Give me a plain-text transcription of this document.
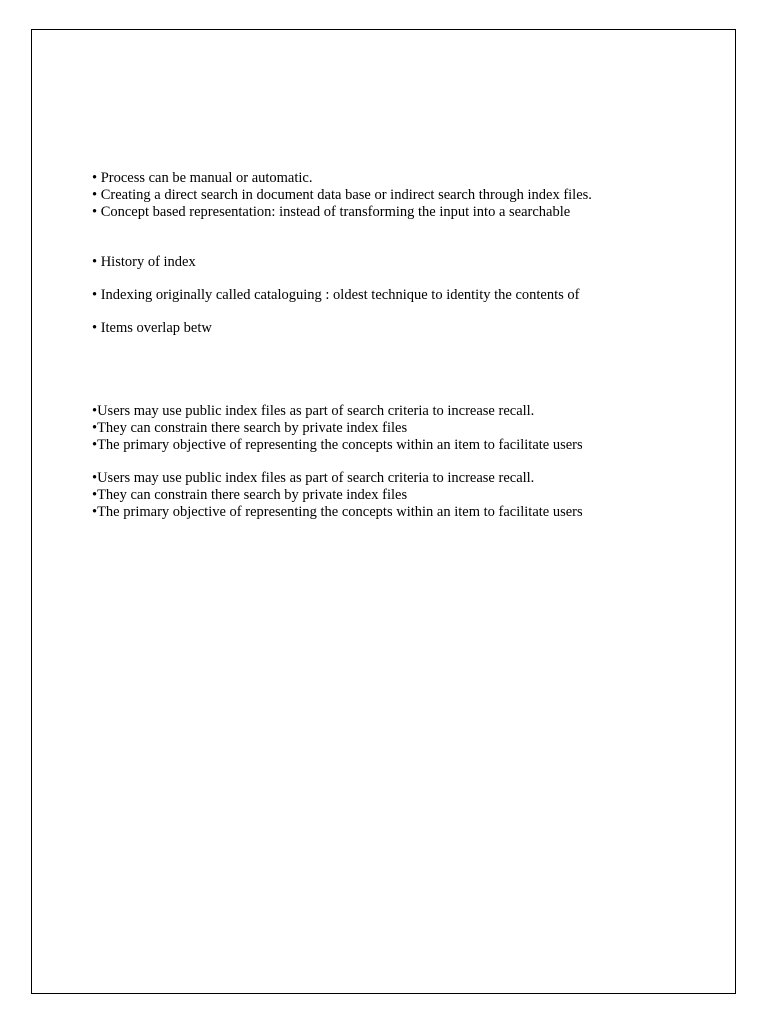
• Process can be manual or automatic.
• Creating a direct search in document data base or indirect search through index files.
• Concept based representation: instead of transforming the input into a searchable
• History of index
• Indexing originally called cataloguing : oldest technique to identity the contents of
• Items overlap betw
•Users may use public index files as part of search criteria to increase recall.
•They can constrain there search by private index files
•The primary objective of representing the concepts within an item to facilitate users
•Users may use public index files as part of search criteria to increase recall.
•They can constrain there search by private index files
•The primary objective of representing the concepts within an item to facilitate users
